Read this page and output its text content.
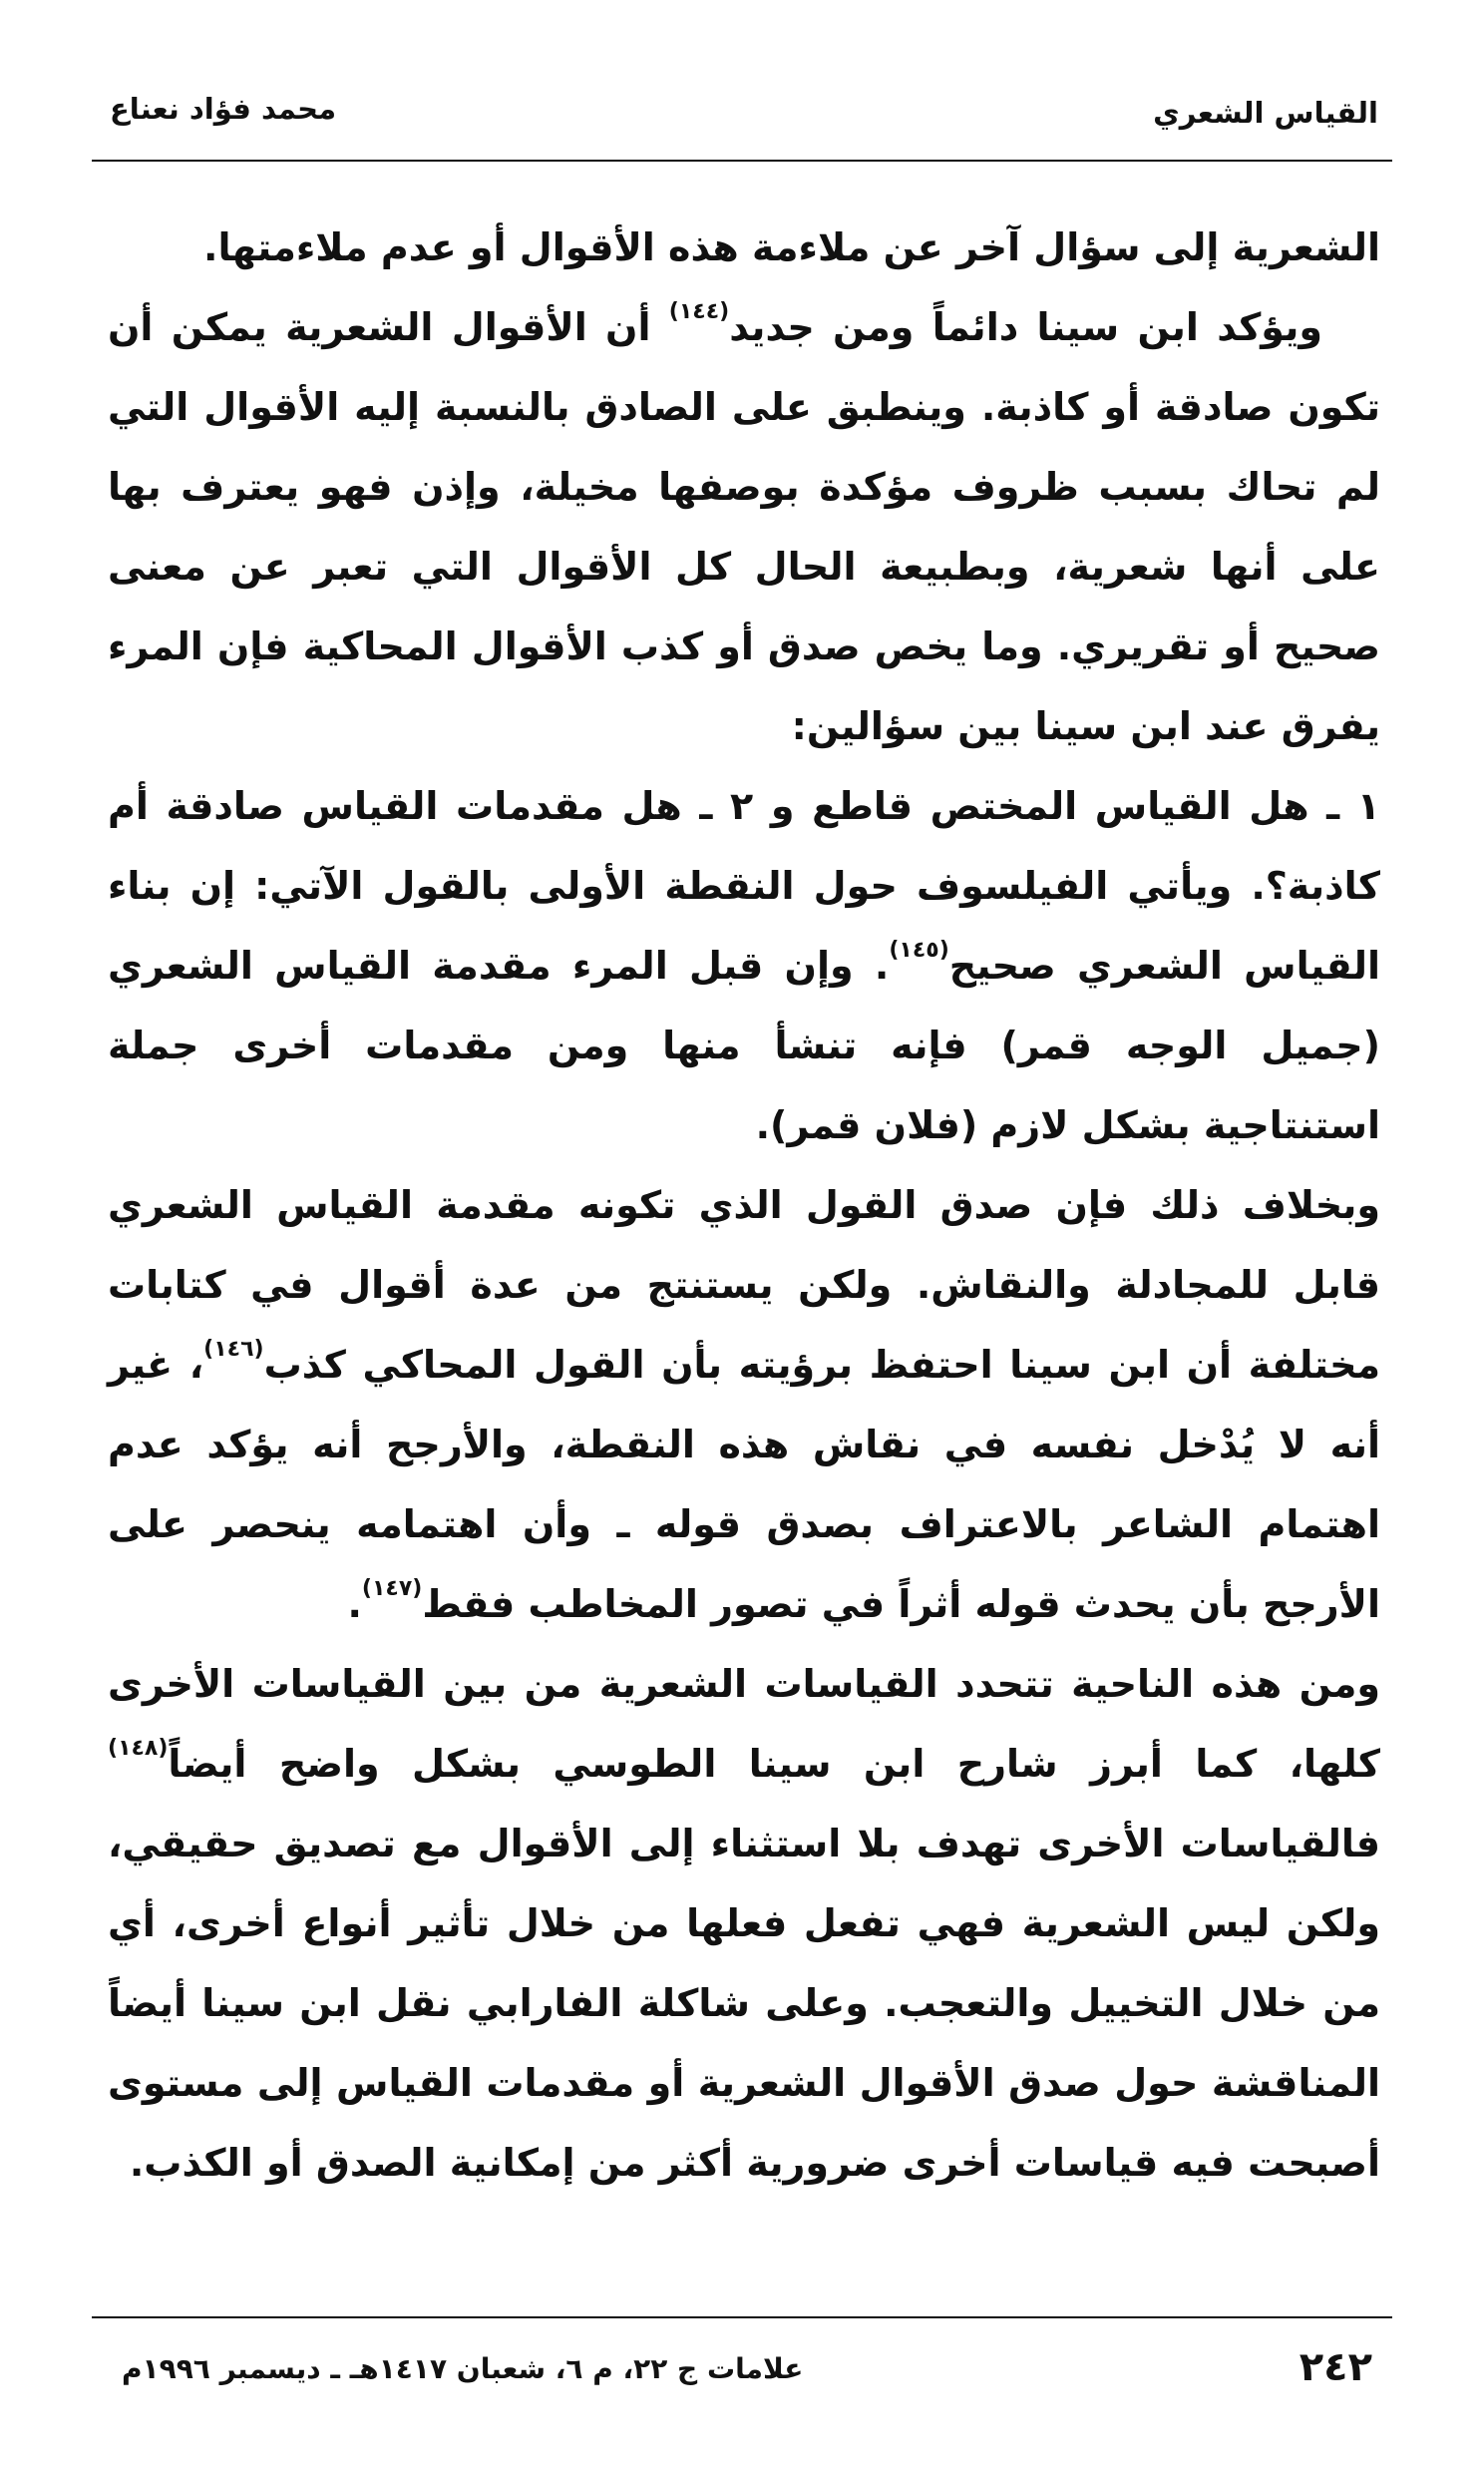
القياس الشعري
محمد فؤاد نعناع

الشعرية إلى سؤال آخر عن ملاءمة هذه الأقوال أو عدم ملاءمتها.

ويؤكد ابن سينا دائماً ومن جديد$^{(١٤٤)}$ أن الأقوال الشعرية يمكن أن تكون صادقة أو كاذبة. وينطبق على الصادق بالنسبة إليه الأقوال التي لم تحاك بسبب ظروف مؤكدة بوصفها مخيلة، وإذن فهو يعترف بها على أنها شعرية، وبطبيعة الحال كل الأقوال التي تعبر عن معنى صحيح أو تقريري. وما يخص صدق أو كذب الأقوال المحاكية فإن المرء يفرق عند ابن سينا بين سؤالين:

١ ـ هل القياس المختص قاطع و ٢ ـ هل مقدمات القياس صادقة أم كاذبة؟. ويأتي الفيلسوف حول النقطة الأولى بالقول الآتي: إن بناء القياس الشعري صحيح$^{(١٤٥)}$. وإن قبل المرء مقدمة القياس الشعري (جميل الوجه قمر) فإنه تنشأ منها ومن مقدمات أخرى جملة استنتاجية بشكل لازم (فلان قمر).

وبخلاف ذلك فإن صدق القول الذي تكونه مقدمة القياس الشعري قابل للمجادلة والنقاش. ولكن يستنتج من عدة أقوال في كتابات مختلفة أن ابن سينا احتفظ برؤيته بأن القول المحاكي كذب$^{(١٤٦)}$، غير أنه لا يُدْخل نفسه في نقاش هذه النقطة، والأرجح أنه يؤكد عدم اهتمام الشاعر بالاعتراف بصدق قوله ـ وأن اهتمامه ينحصر على الأرجح بأن يحدث قوله أثراً في تصور المخاطب فقط$^{(١٤٧)}$.

ومن هذه الناحية تتحدد القياسات الشعرية من بين القياسات الأخرى كلها، كما أبرز شارح ابن سينا الطوسي بشكل واضح أيضاً$^{(١٤٨)}$ فالقياسات الأخرى تهدف بلا استثناء إلى الأقوال مع تصديق حقيقي، ولكن ليس الشعرية فهي تفعل فعلها من خلال تأثير أنواع أخرى، أي من خلال التخييل والتعجب. وعلى شاكلة الفارابي نقل ابن سينا أيضاً المناقشة حول صدق الأقوال الشعرية أو مقدمات القياس إلى مستوى أصبحت فيه قياسات أخرى ضرورية أكثر من إمكانية الصدق أو الكذب.

٢٤٢
علامات ج ٢٢، م ٦، شعبان ١٤١٧هـ ـ ديسمبر ١٩٩٦م
